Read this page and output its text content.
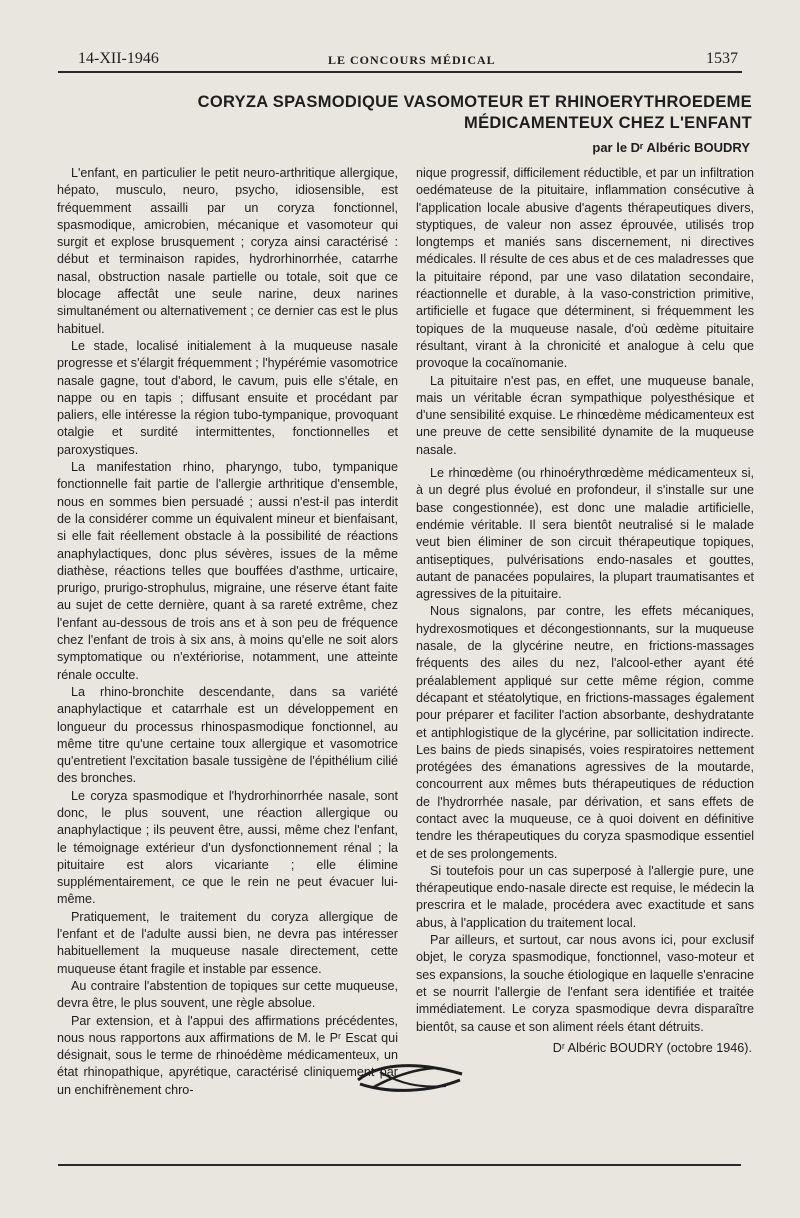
14-XII-1946	LE CONCOURS MÉDICAL	1537
CORYZA SPASMODIQUE VASOMOTEUR ET RHINOERYTHROEDEME
MÉDICAMENTEUX CHEZ L'ENFANT
par le Dʳ Albéric BOUDRY

L'enfant, en particulier le petit neuro-arthritique allergique, hépato, musculo, neuro, psycho, idiosensible, est fréquemment assailli par un coryza fonctionnel, spasmodique, amicrobien, mécanique et vasomoteur qui surgit et explose brusquement ; coryza ainsi caractérisé : début et terminaison rapides, hydrorhinorrhée, catarrhe nasal, obstruction nasale partielle ou totale, soit que ce blocage affectât une seule narine, deux narines simultanément ou alternativement ; ce dernier cas est le plus habituel.

Le stade, localisé initialement à la muqueuse nasale progresse et s'élargit fréquemment ; l'hypérémie vasomotrice nasale gagne, tout d'abord, le cavum, puis elle s'étale, en nappe ou en tapis ; diffusant ensuite et procédant par paliers, elle intéresse la région tubo-tympanique, provoquant otalgie et surdité intermittentes, fonctionnelles et paroxystiques.

La manifestation rhino, pharyngo, tubo, tympanique fonctionnelle fait partie de l'allergie arthritique d'ensemble, nous en sommes bien persuadé ; aussi n'est-il pas interdit de la considérer comme un équivalent mineur et bienfaisant, si elle fait réellement obstacle à la possibilité de réactions anaphylactiques, donc plus sévères, issues de la même diathèse, réactions telles que bouffées d'asthme, urticaire, prurigo, prurigo-strophulus, migraine, une réserve étant faite au sujet de cette dernière, quant à sa rareté extrême, chez l'enfant au-dessous de trois ans et à son peu de fréquence chez l'enfant de trois à six ans, à moins qu'elle ne soit alors symptomatique ou n'extériorise, notamment, une atteinte rénale occulte.

La rhino-bronchite descendante, dans sa variété anaphylactique et catarrhale est un développement en longueur du processus rhinospasmodique fonctionnel, au même titre qu'une certaine toux allergique et vasomotrice qu'entretient l'excitation basale tussigène de l'épithélium cilié des bronches.

Le coryza spasmodique et l'hydrorhinorrhée nasale, sont donc, le plus souvent, une réaction allergique ou anaphylactique ; ils peuvent être, aussi, même chez l'enfant, le témoignage extérieur d'un dysfonctionnement rénal ; la pituitaire est alors vicariante ; elle élimine supplémentairement, ce que le rein ne peut évacuer lui-même.

Pratiquement, le traitement du coryza allergique de l'enfant et de l'adulte aussi bien, ne devra pas intéresser habituellement la muqueuse nasale directement, cette muqueuse étant fragile et instable par essence.

Au contraire l'abstention de topiques sur cette muqueuse, devra être, le plus souvent, une règle absolue.

Par extension, et à l'appui des affirmations précédentes, nous nous rapportons aux affirmations de M. le Pʳ Escat qui désignait, sous le terme de rhinoédème médicamenteux, un état rhinopathique, apyrétique, caractérisé cliniquement par un enchifrènement chro-

nique progressif, difficilement réductible, et par un infiltration oedémateuse de la pituitaire, inflammation consécutive à l'application locale abusive d'agents thérapeutiques divers, styptiques, de valeur non assez éprouvée, utilisés trop longtemps et maniés sans discernement, ni directives médicales. Il résulte de ces abus et de ces maladresses que la pituitaire répond, par une vaso dilatation secondaire, réactionnelle et durable, à la vaso-constriction primitive, artificielle et fugace que déterminent, si fréquemment les topiques de la muqueuse nasale, d'où œdème pituitaire résultant, virant à la chronicité et analogue à celu que provoque la cocaïnomanie.

La pituitaire n'est pas, en effet, une muqueuse banale, mais un véritable écran sympathique polyesthésique et d'une sensibilité exquise. Le rhinœdème médicamenteux est une preuve de cette sensibilité dynamite de la muqueuse nasale.

Le rhinœdème (ou rhinoérythrœdème médicamenteux si, à un degré plus évolué en profondeur, il s'installe sur une base congestionnée), est donc une maladie artificielle, endémie véritable. Il sera bientôt neutralisé si le malade veut bien éliminer de son circuit thérapeutique topiques, antiseptiques, pulvérisations endo-nasales et gouttes, autant de panacées populaires, la plupart traumatisantes et agressives de la pituitaire.

Nous signalons, par contre, les effets mécaniques, hydrexosmotiques et décongestionnants, sur la muqueuse nasale, de la glycérine neutre, en frictions-massages fréquents des ailes du nez, l'alcool-ether ayant été préalablement appliqué sur cette même région, comme décapant et stéatolytique, en frictions-massages également pour préparer et faciliter l'action absorbante, deshydratante et antiphlogistique de la glycérine, par sollicitation indirecte. Les bains de pieds sinapisés, voies respiratoires nettement protégées des émanations agressives de la moutarde, concourrent aux mêmes buts thérapeutiques de réduction de l'hydrorrhée nasale, par dérivation, et sans effets de contact avec la muqueuse, ce à quoi doivent en définitive tendre les thérapeutiques du coryza spasmodique essentiel et de ses prolongements.

Si toutefois pour un cas superposé à l'allergie pure, une thérapeutique endo-nasale directe est requise, le médecin la prescrira et le malade, procédera avec exactitude et sans abus, à l'application du traitement local.

Par ailleurs, et surtout, car nous avons ici, pour exclusif objet, le coryza spasmodique, fonctionnel, vaso-moteur et ses expansions, la souche étiologique en laquelle s'enracine et se nourrit l'allergie de l'enfant sera identifiée et traitée immédiatement. Le coryza spasmodique devra disparaître bientôt, sa cause et son aliment réels étant détruits.

Dʳ Albéric BOUDRY (octobre 1946).
